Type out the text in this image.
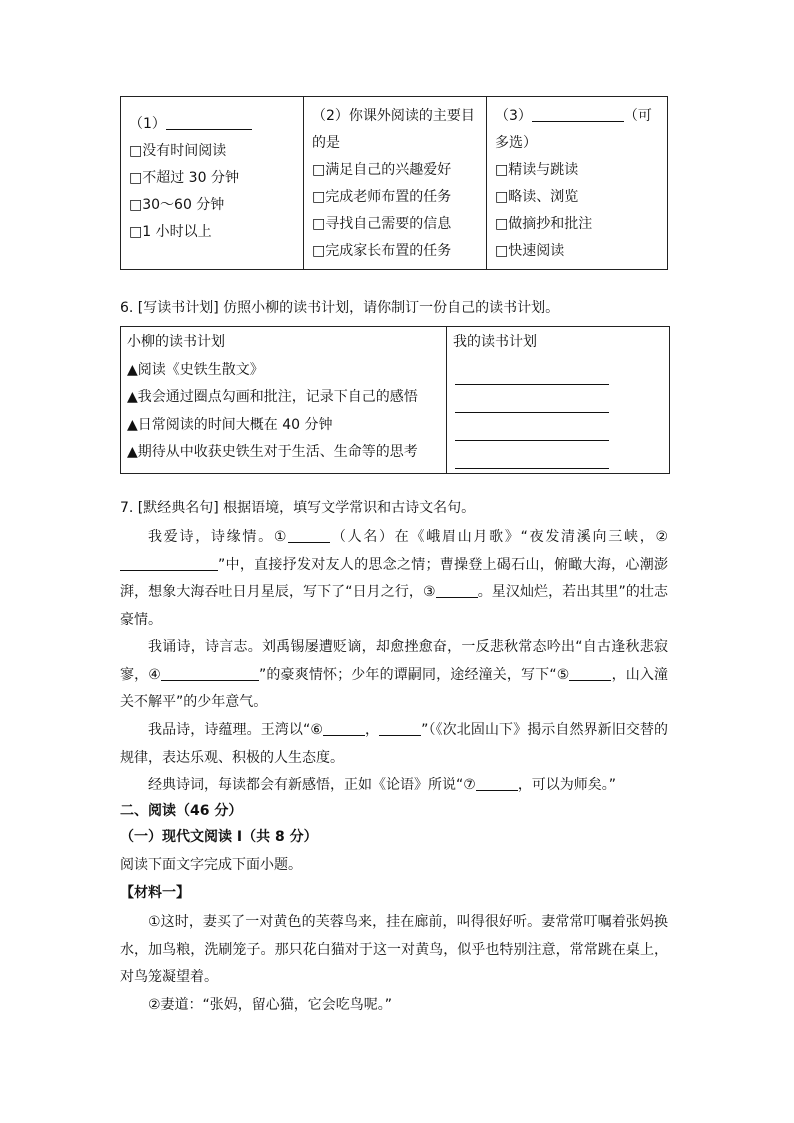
（1）
□没有时间阅读
□不超过 30 分钟
□30～60 分钟
□1 小时以上

（2）你课外阅读的主要目
的是
□满足自己的兴趣爱好
□完成老师布置的任务
□寻找自己需要的信息
□完成家长布置的任务

（3）	（可
多选）
□精读与跳读
□略读、浏览
□做摘抄和批注
□快速阅读
6. [写读书计划] 仿照小柳的读书计划，请你制订一份自己的读书计划。
小柳的读书计划
▲阅读《史铁生散文》
▲我会通过圈点勾画和批注，记录下自己的感悟
▲日常阅读的时间大概在 40 分钟
▲期待从中收获史铁生对于生活、生命等的思考

我的读书计划
7. [默经典名句] 根据语境，填写文学常识和古诗文名句。

我爱诗，诗缘情。①	（人名）在《峨眉山月歌》“夜发清溪向三峡，②”中，直接抒发对友人的思念之情；曹操登上碣石山，俯瞰大海，心潮澎湃，想象大海吞吐日月星辰，写下了“日月之行，③	。星汉灿烂，若出其里”的壮志豪情。

我诵诗，诗言志。刘禹锡屡遭贬谪，却愈挫愈奋，一反悲秋常态吟出“自古逢秋悲寂寥，④	”的豪爽情怀；少年的谭嗣同，途经潼关，写下“⑤	，山入潼关不解平”的少年意气。

我品诗，诗蕴理。王湾以“⑥	，	”（《次北固山下》揭示自然界新旧交替的规律，表达乐观、积极的人生态度。

经典诗词，每读都会有新感悟，正如《论语》所说“⑦	，可以为师矣。”

二、阅读（46 分）
（一）现代文阅读 I（共 8 分）
阅读下面文字完成下面小题。
【材料一】

①这时，妻买了一对黄色的芙蓉鸟来，挂在廊前，叫得很好听。妻常常叮嘱着张妈换水，加鸟粮，洗刷笼子。那只花白猫对于这一对黄鸟，似乎也特别注意，常常跳在桌上，对鸟笼凝望着。

②妻道：“张妈，留心猫，它会吃鸟呢。”
